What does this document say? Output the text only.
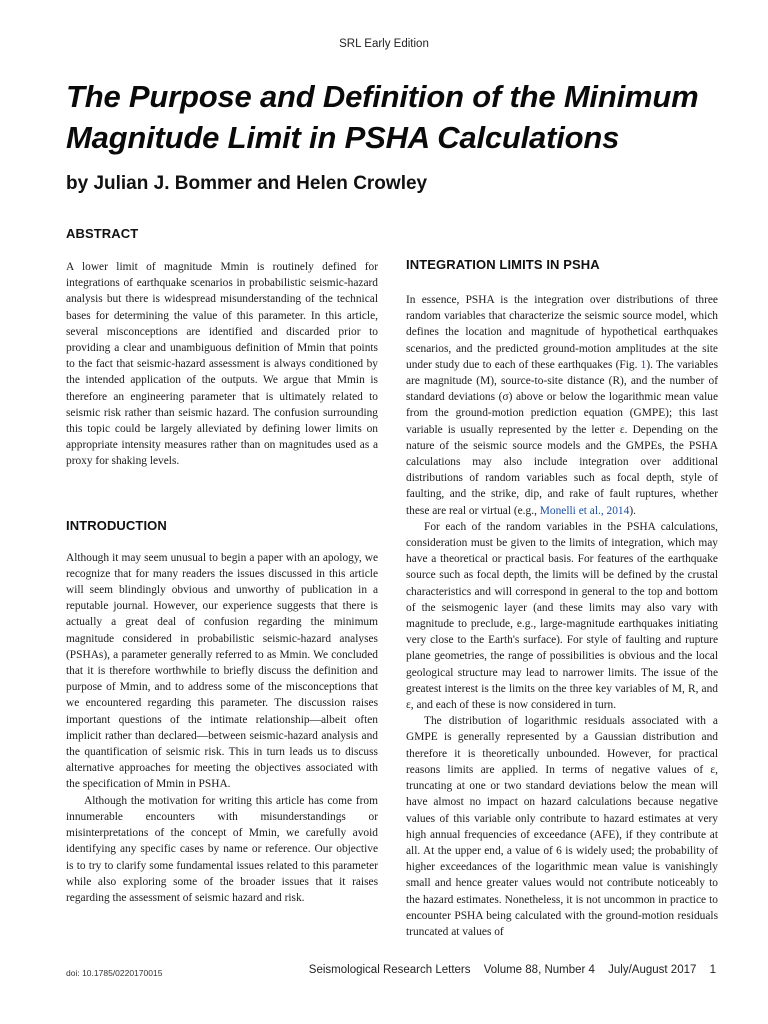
SRL Early Edition
The Purpose and Definition of the Minimum Magnitude Limit in PSHA Calculations
by Julian J. Bommer and Helen Crowley
ABSTRACT

A lower limit of magnitude Mmin is routinely defined for integrations of earthquake scenarios in probabilistic seismic-hazard analysis but there is widespread misunderstanding of the technical bases for determining the value of this parameter. In this article, several misconceptions are identified and discarded prior to providing a clear and unambiguous definition of Mmin that points to the fact that seismic-hazard assessment is always conditioned by the intended application of the outputs. We argue that Mmin is therefore an engineering parameter that is ultimately related to seismic risk rather than seismic hazard. The confusion surrounding this topic could be largely alleviated by defining lower limits on appropriate intensity measures rather than on magnitudes used as a proxy for shaking levels.

INTRODUCTION

Although it may seem unusual to begin a paper with an apology, we recognize that for many readers the issues discussed in this article will seem blindingly obvious and unworthy of publication in a reputable journal. However, our experience suggests that there is actually a great deal of confusion regarding the minimum magnitude considered in probabilistic seismic-hazard analyses (PSHAs), a parameter generally referred to as Mmin. We concluded that it is therefore worthwhile to briefly discuss the definition and purpose of Mmin, and to address some of the misconceptions that we encountered regarding this parameter. The discussion raises important questions of the intimate relationship—albeit often implicit rather than declared—between seismic-hazard analysis and the quantification of seismic risk. This in turn leads us to discuss alternative approaches for meeting the objectives associated with the specification of Mmin in PSHA.

Although the motivation for writing this article has come from innumerable encounters with misunderstandings or misinterpretations of the concept of Mmin, we carefully avoid identifying any specific cases by name or reference. Our objective is to try to clarify some fundamental issues related to this parameter while also exploring some of the broader issues that it raises regarding the assessment of seismic hazard and risk.

INTEGRATION LIMITS IN PSHA

In essence, PSHA is the integration over distributions of three random variables that characterize the seismic source model, which defines the location and magnitude of hypothetical earthquakes scenarios, and the predicted ground-motion amplitudes at the site under study due to each of these earthquakes (Fig. 1). The variables are magnitude (M), source-to-site distance (R), and the number of standard deviations (σ) above or below the logarithmic mean value from the ground-motion prediction equation (GMPE); this last variable is usually represented by the letter ε. Depending on the nature of the seismic source models and the GMPEs, the PSHA calculations may also include integration over additional distributions of random variables such as focal depth, style of faulting, and the strike, dip, and rake of fault ruptures, whether these are real or virtual (e.g., Monelli et al., 2014).

For each of the random variables in the PSHA calculations, consideration must be given to the limits of integration, which may have a theoretical or practical basis. For features of the earthquake source such as focal depth, the limits will be defined by the crustal characteristics and will correspond in general to the top and bottom of the seismogenic layer (and these limits may also vary with magnitude to preclude, e.g., large-magnitude earthquakes initiating very close to the Earth's surface). For style of faulting and rupture plane geometries, the range of possibilities is obvious and the local geological structure may lead to narrower limits. The issue of the greatest interest is the limits on the three key variables of M, R, and ε, and each of these is now considered in turn.

The distribution of logarithmic residuals associated with a GMPE is generally represented by a Gaussian distribution and therefore it is theoretically unbounded. However, for practical reasons limits are applied. In terms of negative values of ε, truncating at one or two standard deviations below the mean will have almost no impact on hazard calculations because negative values of this variable only contribute to hazard estimates at very high annual frequencies of exceedance (AFE), if they contribute at all. At the upper end, a value of 6 is widely used; the probability of higher exceedances of the logarithmic mean value is vanishingly small and hence greater values would not contribute noticeably to the hazard estimates. Nonetheless, it is not uncommon in practice to encounter PSHA being calculated with the ground-motion residuals truncated at values of

doi: 10.1785/0220170015	Seismological Research Letters Volume 88, Number 4 July/August 2017 1
